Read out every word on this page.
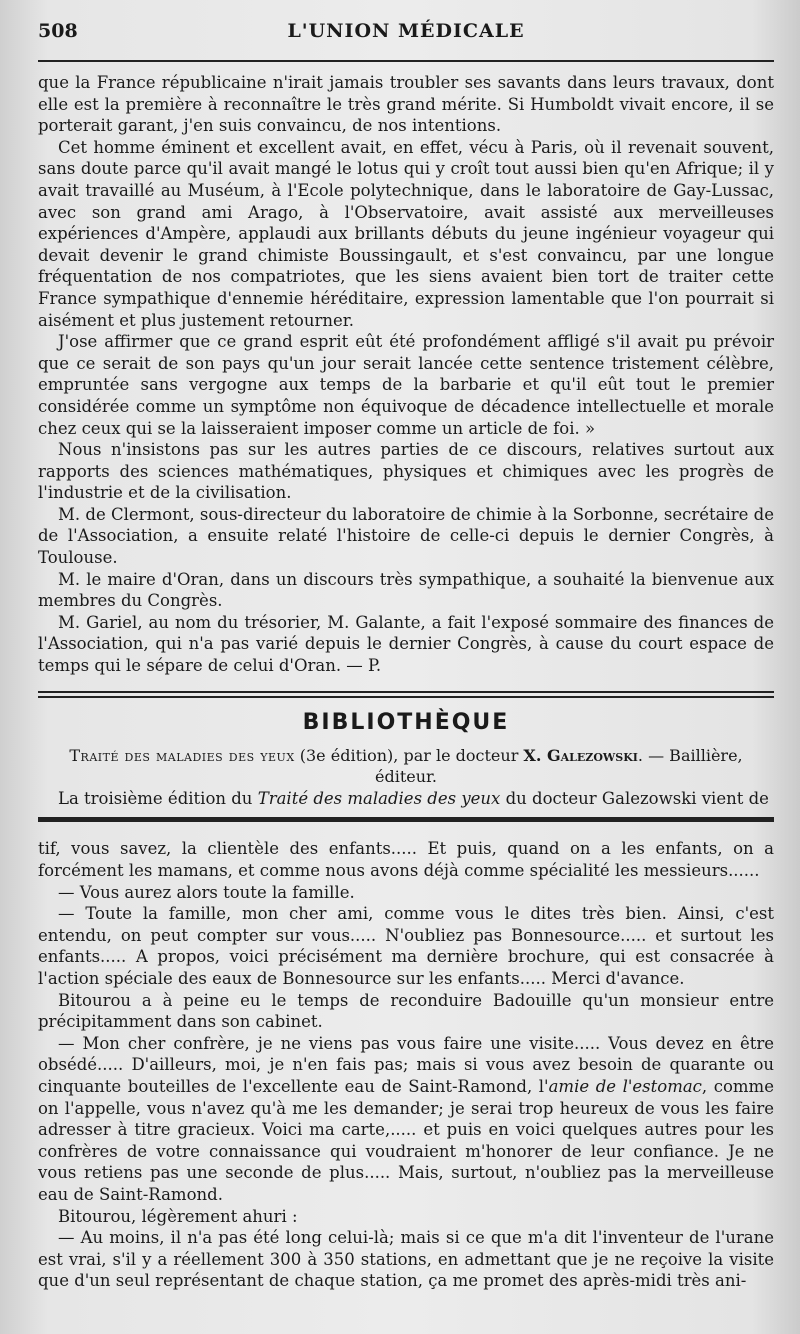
508	L'UNION MÉDICALE

que la France républicaine n'irait jamais troubler ses savants dans leurs travaux, dont elle est la première à reconnaître le très grand mérite. Si Humboldt vivait encore, il se porterait garant, j'en suis convaincu, de nos intentions.

Cet homme éminent et excellent avait, en effet, vécu à Paris, où il revenait souvent, sans doute parce qu'il avait mangé le lotus qui y croît tout aussi bien qu'en Afrique; il y avait travaillé au Muséum, à l'Ecole polytechnique, dans le laboratoire de Gay-Lussac, avec son grand ami Arago, à l'Observatoire, avait assisté aux merveilleuses expériences d'Ampère, applaudi aux brillants débuts du jeune ingénieur voyageur qui devait devenir le grand chimiste Boussingault, et s'est convaincu, par une longue fréquentation de nos compatriotes, que les siens avaient bien tort de traiter cette France sympathique d'ennemie héréditaire, expression lamentable que l'on pourrait si aisément et plus justement retourner.

J'ose affirmer que ce grand esprit eût été profondément affligé s'il avait pu prévoir que ce serait de son pays qu'un jour serait lancée cette sentence tristement célèbre, empruntée sans vergogne aux temps de la barbarie et qu'il eût tout le premier considérée comme un symptôme non équivoque de décadence intellectuelle et morale chez ceux qui se la laisseraient imposer comme un article de foi. »

Nous n'insistons pas sur les autres parties de ce discours, relatives surtout aux rapports des sciences mathématiques, physiques et chimiques avec les progrès de l'industrie et de la civilisation.

M. de Clermont, sous-directeur du laboratoire de chimie à la Sorbonne, secrétaire de de l'Association, a ensuite relaté l'histoire de celle-ci depuis le dernier Congrès, à Toulouse.

M. le maire d'Oran, dans un discours très sympathique, a souhaité la bienvenue aux membres du Congrès.

M. Gariel, au nom du trésorier, M. Galante, a fait l'exposé sommaire des finances de l'Association, qui n'a pas varié depuis le dernier Congrès, à cause du court espace de temps qui le sépare de celui d'Oran. — P.

BIBLIOTHÈQUE
Traité des maladies des yeux (3e édition), par le docteur X. Galezowski. — Baillière, éditeur.

La troisième édition du Traité des maladies des yeux du docteur Galezowski vient de

tif, vous savez, la clientèle des enfants..... Et puis, quand on a les enfants, on a forcément les mamans, et comme nous avons déjà comme spécialité les messieurs......

— Vous aurez alors toute la famille.

— Toute la famille, mon cher ami, comme vous le dites très bien. Ainsi, c'est entendu, on peut compter sur vous..... N'oubliez pas Bonnesource..... et surtout les enfants..... A propos, voici précisément ma dernière brochure, qui est consacrée à l'action spéciale des eaux de Bonnesource sur les enfants..... Merci d'avance.

Bitourou a à peine eu le temps de reconduire Badouille qu'un monsieur entre précipitamment dans son cabinet.

— Mon cher confrère, je ne viens pas vous faire une visite..... Vous devez en être obsédé..... D'ailleurs, moi, je n'en fais pas; mais si vous avez besoin de quarante ou cinquante bouteilles de l'excellente eau de Saint-Ramond, l'amie de l'estomac, comme on l'appelle, vous n'avez qu'à me les demander; je serai trop heureux de vous les faire adresser à titre gracieux. Voici ma carte,..... et puis en voici quelques autres pour les confrères de votre connaissance qui voudraient m'honorer de leur confiance. Je ne vous retiens pas une seconde de plus..... Mais, surtout, n'oubliez pas la merveilleuse eau de Saint-Ramond.

Bitourou, légèrement ahuri :

— Au moins, il n'a pas été long celui-là; mais si ce que m'a dit l'inventeur de l'urane est vrai, s'il y a réellement 300 à 350 stations, en admettant que je ne reçoive la visite que d'un seul représentant de chaque station, ça me promet des après-midi très ani-
